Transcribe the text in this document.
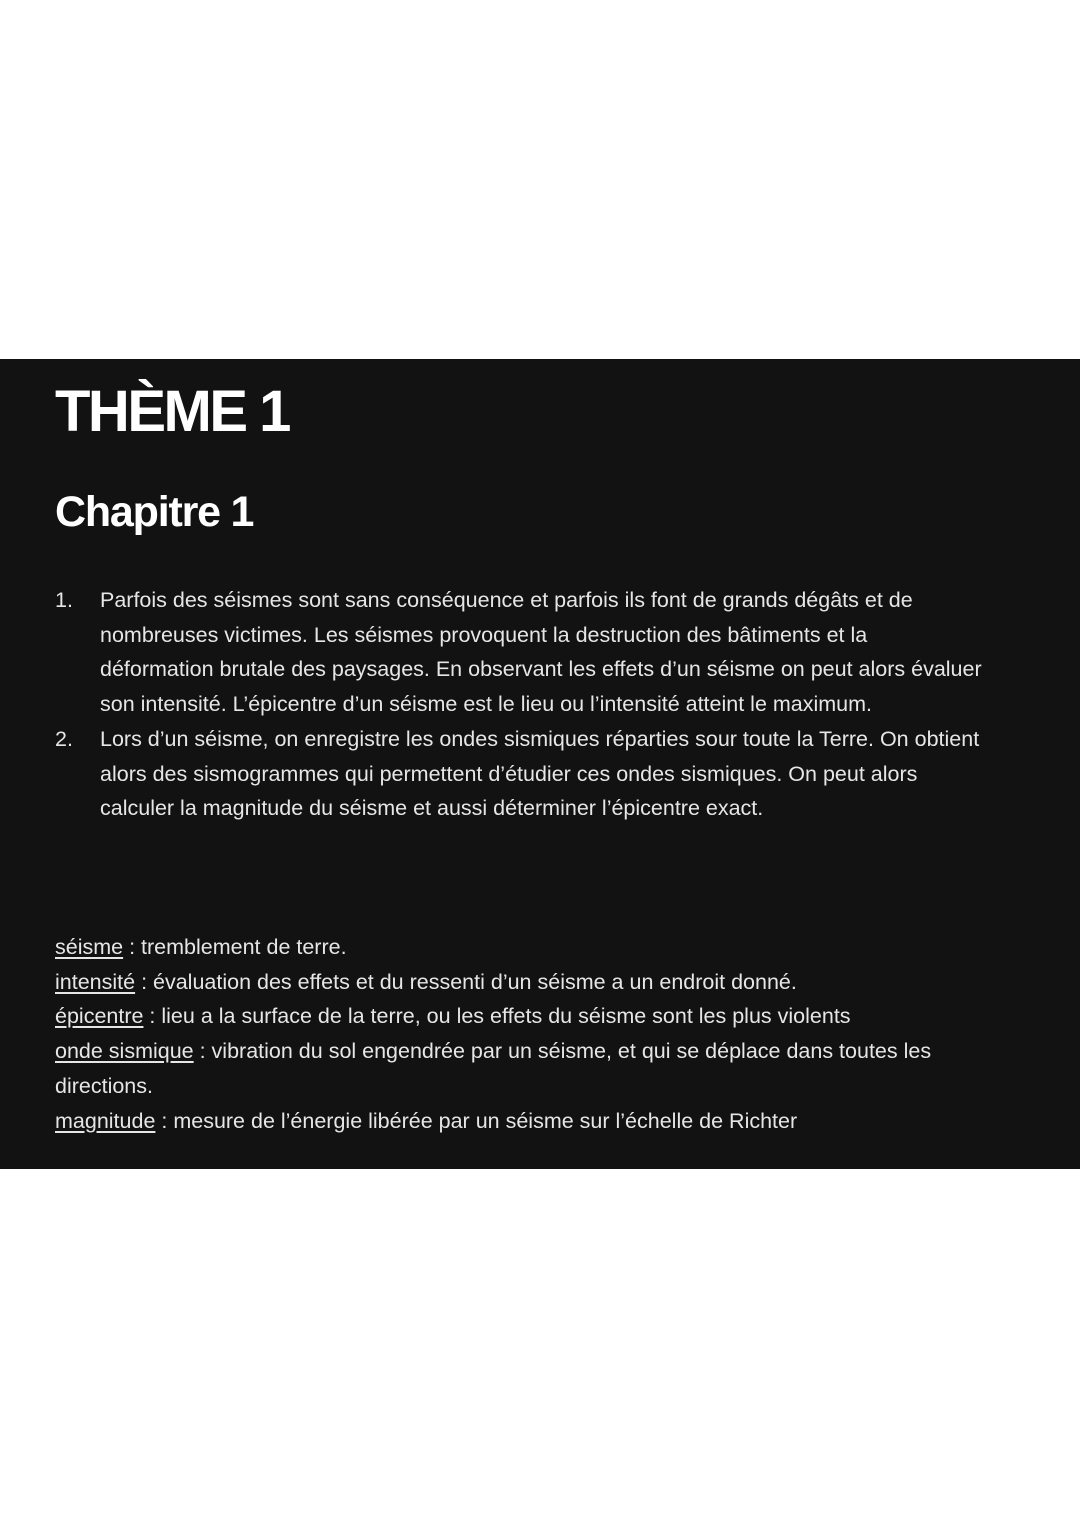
THÈME 1
Chapitre 1
1. Parfois des séismes sont sans conséquence et parfois ils font de grands dégâts et de nombreuses victimes. Les séismes provoquent la destruction des bâtiments et la déformation brutale des paysages. En observant les effets d’un séisme on peut alors évaluer son intensité. L’épicentre d’un séisme est le lieu ou l’intensité atteint le maximum.
2. Lors d’un séisme, on enregistre les ondes sismiques réparties sour toute la Terre. On obtient alors des sismogrammes qui permettent d’étudier ces ondes sismiques. On peut alors calculer la magnitude du séisme et aussi déterminer l’épicentre exact.
séisme : tremblement de terre.
intensité : évaluation des effets et du ressenti d’un séisme a un endroit donné.
épicentre : lieu a la surface de la terre, ou les effets du séisme sont les plus violents
onde sismique : vibration du sol engendrée par un séisme, et qui se déplace dans toutes les directions.
magnitude : mesure de l’énergie libérée par un séisme sur l’échelle de Richter
